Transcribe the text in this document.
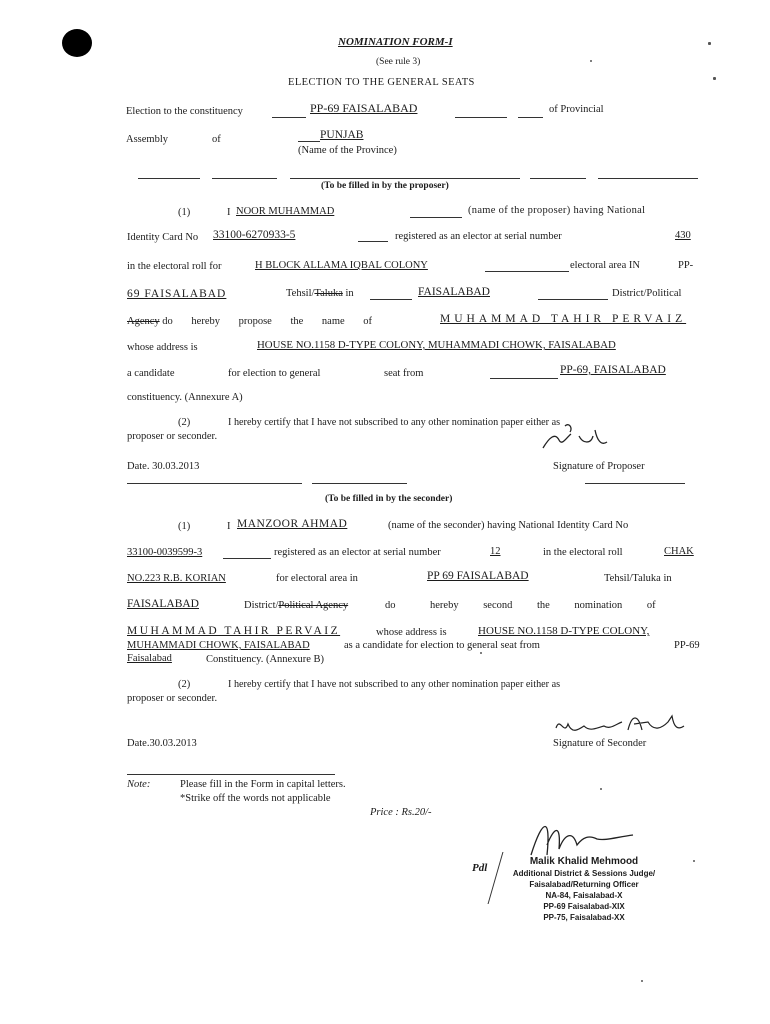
NOMINATION FORM-I
(See rule 3)
ELECTION TO THE GENERAL SEATS
Election to the constituency	PP-69 FAISALABAD	of Provincial
Assembly	of	PUNJAB
(Name of the Province)
(To be filled in by the proposer)
(1)	I NOOR MUHAMMAD	(name of the proposer) having National
Identity Card No 33100-6270933-5	registered as an elector at serial number	430
in the electoral roll for	H BLOCK ALLAMA IQBAL COLONY	electoral area IN	PP-
69 FAISALABAD	Tehsil/Taluka in	FAISALABAD	District/Political
Agency do hereby propose the name of	MUHAMMAD TAHIR PERVAIZ
whose address is	HOUSE NO.1158 D-TYPE COLONY, MUHAMMADI CHOWK, FAISALABAD
a candidate	for election to general	seat from	PP-69, FAISALABAD
constituency. (Annexure A)
(2)	I hereby certify that I have not subscribed to any other nomination paper either as
proposer or seconder.
Date. 30.03.2013	Signature of Proposer
(To be filled in by the seconder)
(1)	I MANZOOR AHMAD	(name of the seconder) having National Identity Card No
33100-0039599-3	registered as an elector at serial number	12	in the electoral roll	CHAK
NO.223 R.B. KORIAN	for electoral area in	PP 69 FAISALABAD	Tehsil/Taluka in
FAISALABAD	District/Political Agency	do	hereby second the nomination of
MUHAMMAD TAHIR PERVAIZ	whose address is	HOUSE NO.1158 D-TYPE COLONY,
MUHAMMADI CHOWK, FAISALABAD	as a candidate for election to general seat from	PP-69
Faisalabad	Constituency. (Annexure B)
(2)	I hereby certify that I have not subscribed to any other nomination paper either as
proposer or seconder.
Date.30.03.2013	Signature of Seconder
Note:	Please fill in the Form in capital letters.
*Strike off the words not applicable
Price : Rs.20/-
Pdl
Malik Khalid Mehmood
Additional District & Sessions Judge/
Faisalabad/Returning Officer
NA-84, Faisalabad-X
PP-69 Faisalabad-XIX
PP-75, Faisalabad-XX
